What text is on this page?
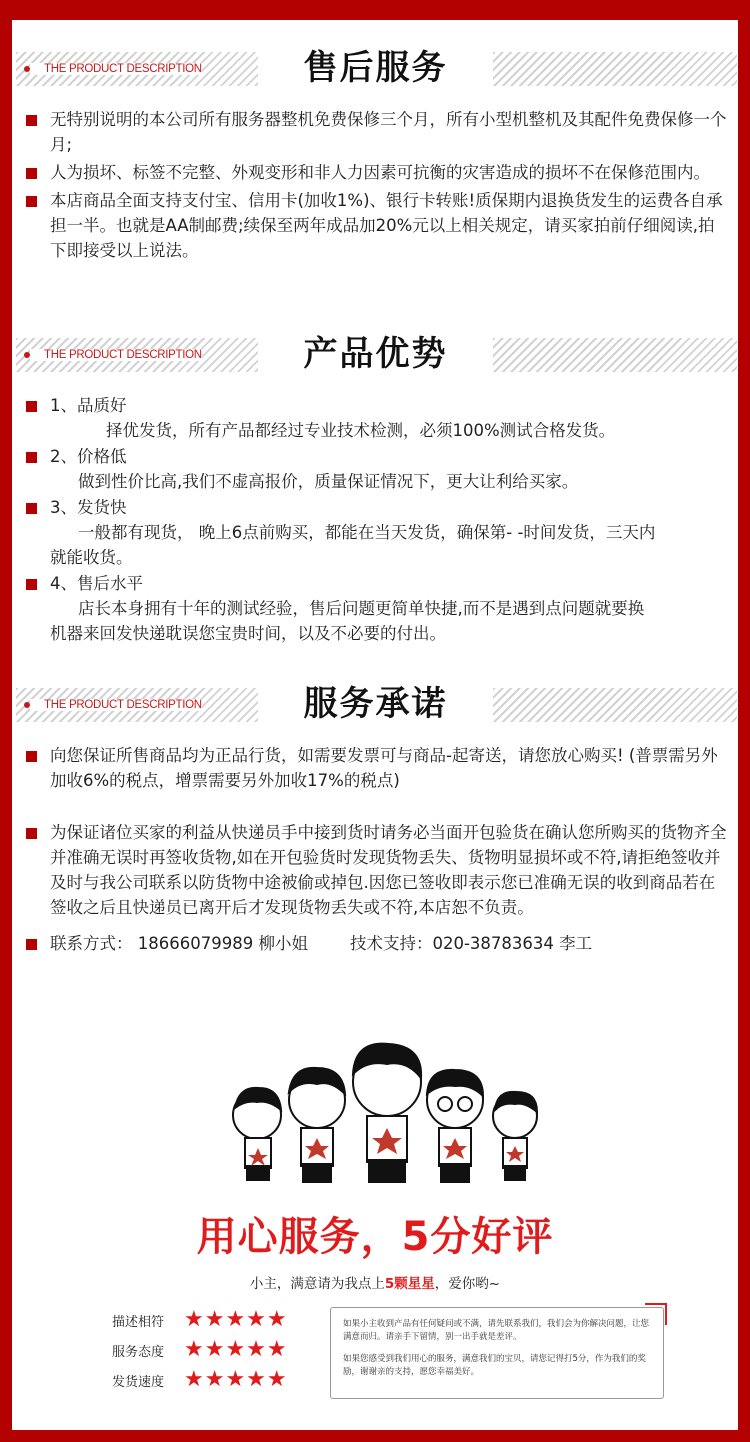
THE PRODUCT DESCRIPTION	售后服务
无特别说明的本公司所有服务器整机免费保修三个月，所有小型机整机及其配件免费保修一个月;
人为损坏、标签不完整、外观变形和非人力因素可抗衡的灾害造成的损坏不在保修范围内。
本店商品全面支持支付宝、信用卡(加收1%)、银行卡转账!质保期内退换货发生的运费各自承担一半。也就是AA制邮费;续保至两年成品加20%元以上相关规定，请买家拍前仔细阅读,拍下即接受以上说法。
THE PRODUCT DESCRIPTION	产品优势
1、品质好
择优发货，所有产品都经过专业技术检测，必须100%测试合格发货。
2、价格低
做到性价比高,我们不虚高报价，质量保证情况下，更大让利给买家。
3、发货快
一般都有现货， 晚上6点前购买，都能在当天发货，确保第- -时间发货，三天内
就能收货。
4、售后水平
店长本身拥有十年的测试经验，售后问题更简单快捷,而不是遇到点问题就要换
机器来回发快递耽误您宝贵时间，以及不必要的付出。
THE PRODUCT DESCRIPTION	服务承诺
向您保证所售商品均为正品行货，如需要发票可与商品-起寄送，请您放心购买! (普票需另外加收6%的税点，增票需要另外加收17%的税点)
为保证诸位买家的利益从快递员手中接到货时请务必当面开包验货在确认您所购买的货物齐全并准确无误时再签收货物,如在开包验货时发现货物丢失、货物明显损坏或不符,请拒绝签收并及时与我公司联系以防货物中途被偷或掉包.因您已签收即表示您已准确无误的收到商品若在签收之后且快递员已离开后才发现货物丢失或不符,本店恕不负责。
联系方式： 18666079989 柳小姐	技术支持：020-38783634 李工
用心服务，5分好评
小主，满意请为我点上5颗星星，爱你哟~
描述相符 ★★★★★
服务态度 ★★★★★
发货速度 ★★★★★

如果小主收到产品有任何疑问或不满，请先联系我们，我们会为你解决问题，让您满意而归。请亲手下留情，别一出手就是差评。

如果您感受到我们用心的服务，满意我们的宝贝，请您记得打5分，作为我们的奖励，谢谢亲的支持，愿您幸福美好。
